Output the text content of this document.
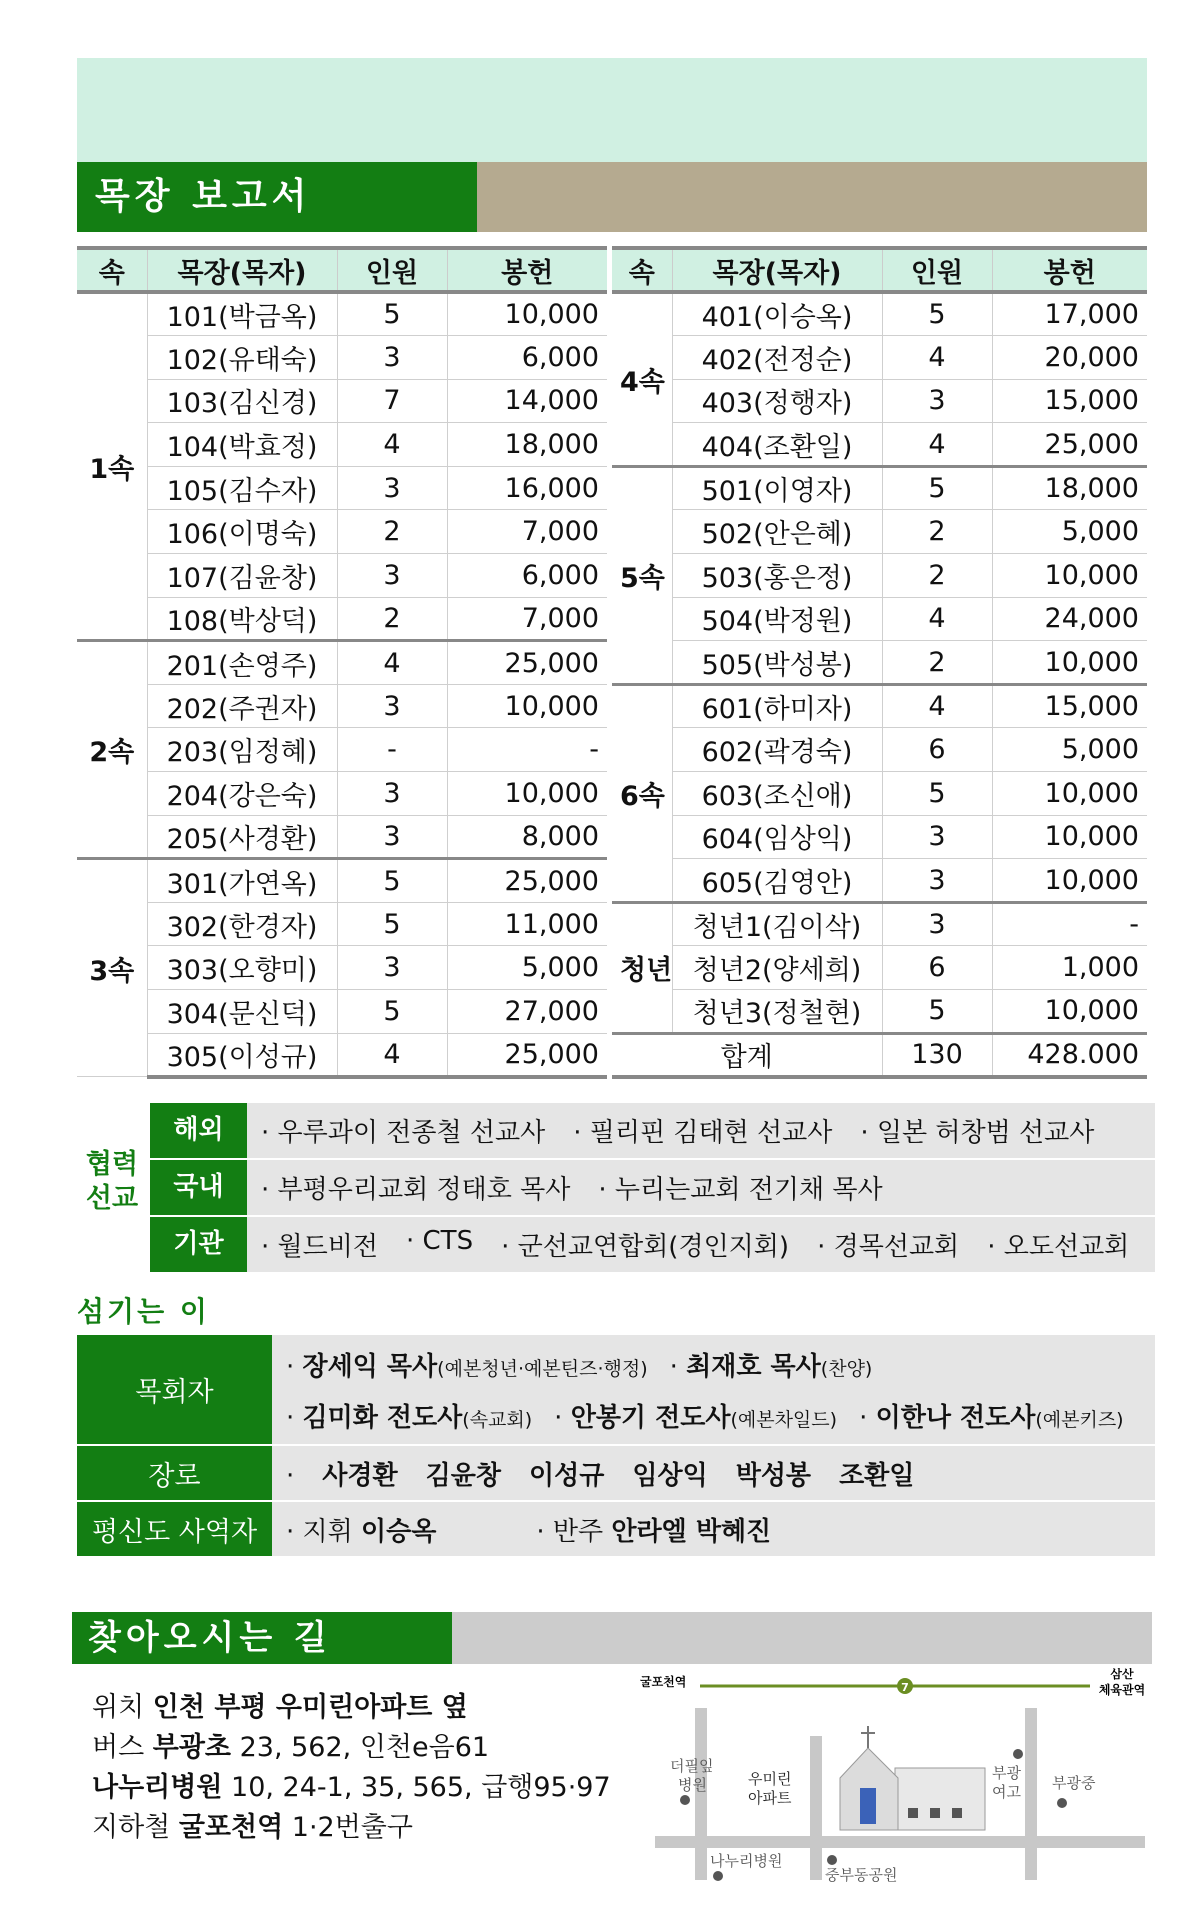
목장 보고서
속	목장(목자)	인원	봉헌
1속	101(박금옥)	5	10,000
	102(유태숙)	3	6,000
	103(김신경)	7	14,000
	104(박효정)	4	18,000
	105(김수자)	3	16,000
	106(이명숙)	2	7,000
	107(김윤창)	3	6,000
	108(박상덕)	2	7,000
2속	201(손영주)	4	25,000
	202(주권자)	3	10,000
	203(임정혜)	-	-
	204(강은숙)	3	10,000
	205(사경환)	3	8,000
3속	301(가연옥)	5	25,000
	302(한경자)	5	11,000
	303(오향미)	3	5,000
	304(문신덕)	5	27,000
	305(이성규)	4	25,000
속	목장(목자)	인원	봉헌
4속	401(이승옥)	5	17,000
	402(전정순)	4	20,000
	403(정행자)	3	15,000
	404(조환일)	4	25,000
5속	501(이영자)	5	18,000
	502(안은혜)	2	5,000
	503(홍은정)	2	10,000
	504(박정원)	4	24,000
	505(박성봉)	2	10,000
6속	601(하미자)	4	15,000
	602(곽경숙)	6	5,000
	603(조신애)	5	10,000
	604(임상익)	3	10,000
	605(김영안)	3	10,000
청년	청년1(김이삭)	3	-
	청년2(양세희)	6	1,000
	청년3(정철현)	5	10,000
합계		130	428.000
협력
선교
해외	· 우루과이 전종철 선교사	· 필리핀 김태현 선교사	· 일본 허창범 선교사
국내	· 부평우리교회 정태호 목사	· 누리는교회 전기채 목사
기관	· 월드비전	· CTS	· 군선교연합회(경인지회)	· 경목선교회	· 오도선교회
섬기는 이
목회자
· 장세익 목사(예본청년·예본틴즈·행정)	· 최재호 목사(찬양)
· 김미화 전도사(속교회)	· 안봉기 전도사(예본차일드)	· 이한나 전도사(예본키즈)
장로	· 사경환 김윤창 이성규 임상익 박성봉 조환일
평신도 사역자	· 지휘 이승옥	· 반주 안라엘 박혜진
찾아오시는 길
위치 인천 부평 우미린아파트 옆
버스 부광초 23, 562, 인천e음61
나누리병원 10, 24-1, 35, 565, 급행95·97
지하철 굴포천역 1·2번출구
7
굴포천역
삼산
체육관역
더필잎
병원	우미린
아파트
부광
여고 부광중
나누리병원
중부동공원
